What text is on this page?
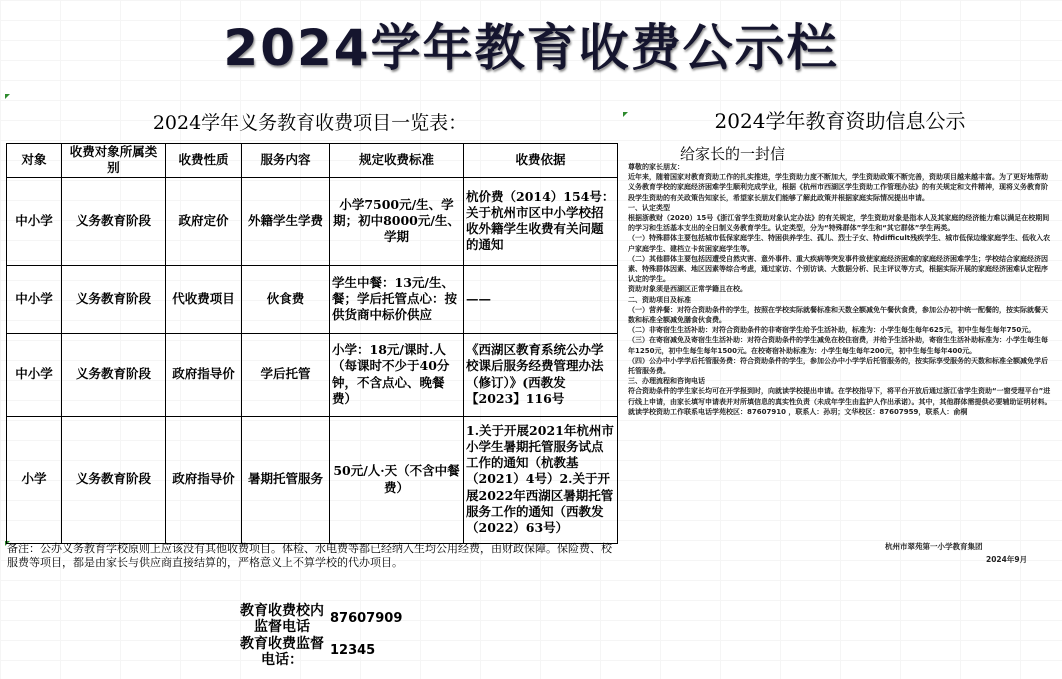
2024学年教育收费公示栏
2024学年义务教育收费项目一览表：
对象	收费对象所属类别	收费性质	服务内容	规定收费标准	收费依据
中小学	义务教育阶段	政府定价	外籍学生学费	小学7500元/生、学期；初中8000元/生、学期	杭价费（2014）154号：关于杭州市区中小学校招收外籍学生收费有关问题的通知
中小学	义务教育阶段	代收费项目	伙食费	学生中餐：13元/生、餐；学后托管点心：按供货商中标价供应	——
中小学	义务教育阶段	政府指导价	学后托管	小学：18元/课时.人（每课时不少于40分钟，不含点心、晚餐费）	《西湖区教育系统公办学校课后服务经费管理办法（修订）》(西教发【2023】116号
小学	义务教育阶段	政府指导价	暑期托管服务	50元/人·天（不含中餐费）	1.关于开展2021年杭州市小学生暑期托管服务试点工作的通知（杭教基（2021）4号）2.关于开展2022年西湖区暑期托管服务工作的通知（西教发（2022）63号）
备注：公办义务教育学校原则上应该没有其他收费项目。体检、水电费等都已经纳入生均公用经费，由财政保障。保险费、校服费等项目，都是由家长与供应商直接结算的，严格意义上不算学校的代办项目。
教育收费校内监督电话
87607909
教育收费监督电话：
12345
2024学年教育资助信息公示
给家长的一封信

尊敬的家长朋友：

近年来，随着国家对教育资助工作的扎实推进，学生资助力度不断加大，学生资助政策不断完善，资助项目越来越丰富。为了更好地帮助义务教育学校的家庭经济困难学生顺利完成学业，根据《杭州市西湖区学生资助工作管理办法》的有关规定和文件精神，现将义务教育阶段学生资助的有关政策告知家长，希望家长朋友们能够了解此政策并根据家庭实际情况提出申请。

一、认定类型

根据浙教财（2020）15号《浙江省学生资助对象认定办法》的有关规定，学生资助对象是指本人及其家庭的经济能力难以满足在校期间的学习和生活基本支出的全日制义务教育学生。认定类型，分为“特殊群体”学生和“其它群体”学生两类。

（一）特殊群体主要包括城市低保家庭学生、特困供养学生、孤儿、烈士子女、特difficult残疾学生、城市低保边缘家庭学生、低收入农户家庭学生、建档立卡贫困家庭学生等。

（二）其他群体主要包括因遭受自然灾害、意外事件、重大疾病等突发事件致使家庭经济困难的家庭经济困难学生；学校结合家庭经济因素、特殊群体因素、地区因素等综合考虑，通过家访、个别访谈、大数据分析、民主评议等方式，根据实际开展的家庭经济困难认定程序认定的学生。

资助对象须是西湖区正常学籍且在校。

二、资助项目及标准

（一）营养餐：对符合资助条件的学生，按照在学校实际就餐标准和天数全额减免午餐伙食费，参加公办初中统一配餐的，按实际就餐天数和标准全额减免膳食伙食费。

（二）非寄宿生生活补助：对符合资助条件的非寄宿学生给予生活补助，标准为：小学生每生每年625元，初中生每生每年750元。

（三）在寄宿减免及寄宿生生活补助：对符合资助条件的学生减免在校住宿费，并给予生活补助，寄宿生生活补助标准为：小学生每生每年1250元，初中生每生每年1500元。在校寄宿补助标准为：小学生每生每年200元，初中生每生每年400元。

（四）公办中小学学后托管服务费：符合资助条件的学生，参加公办中小学学后托管服务的，按实际享受服务的天数和标准全额减免学后托管服务费。

三、办理流程和咨询电话

符合资助条件的学生家长均可在开学报到时，向就读学校提出申请。在学校指导下，将平台开放后通过浙江省学生资助“一窗受理平台”进行线上申请，由家长填写申请表并对所填信息的真实性负责（未成年学生由监护人作出承诺）。其中，其他群体需提供必要辅助证明材料。

就读学校资助工作联系电话学苑校区：87607910 ，联系人：孙玥；文华校区：87607959，联系人：俞桐

杭州市翠苑第一小学教育集团
2024年9月
